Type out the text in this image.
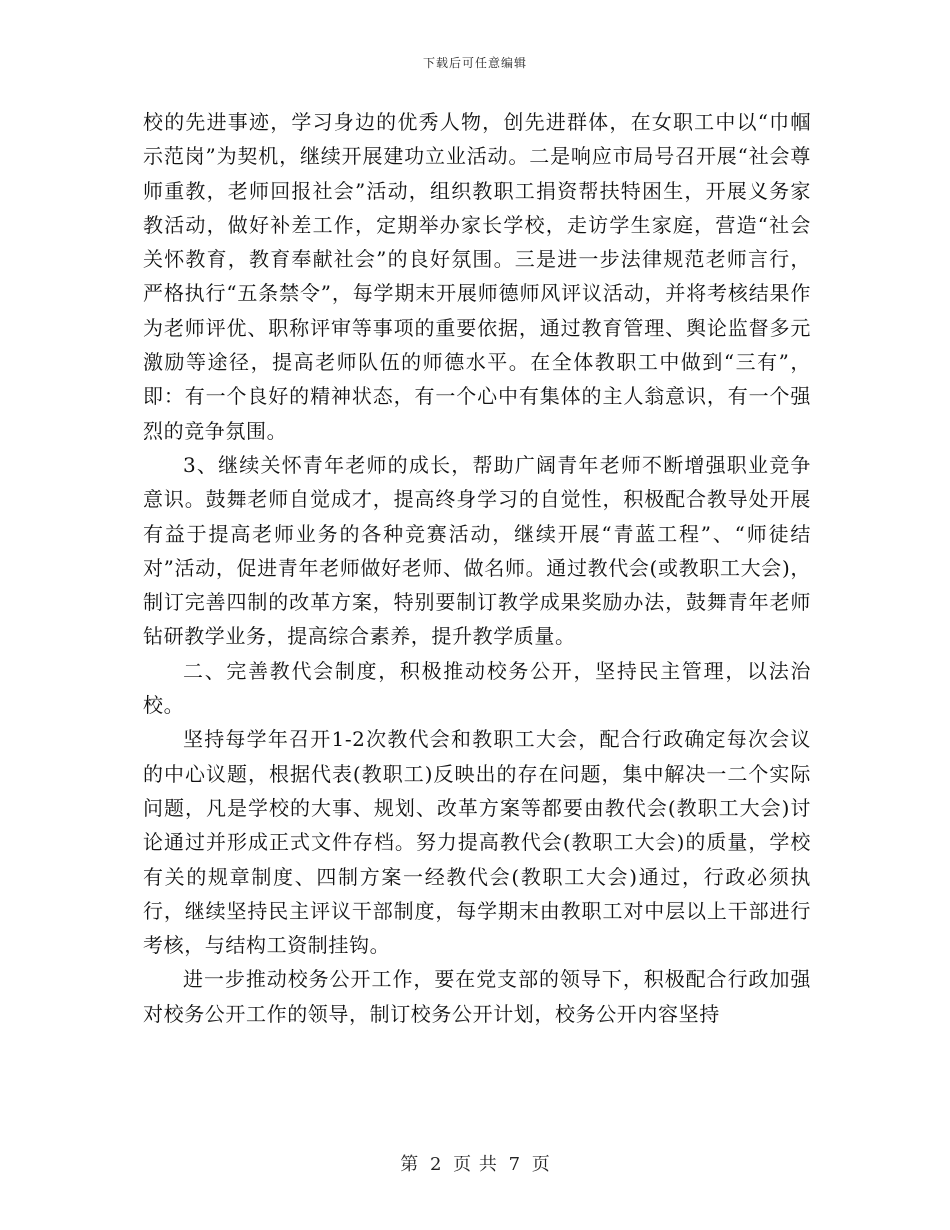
下载后可任意编辑

校的先进事迹，学习身边的优秀人物，创先进群体，在女职工中以“巾帼示范岗”为契机，继续开展建功立业活动。二是响应市局号召开展“社会尊师重教，老师回报社会”活动，组织教职工捐资帮扶特困生，开展义务家教活动，做好补差工作，定期举办家长学校，走访学生家庭，营造“社会关怀教育，教育奉献社会”的良好氛围。三是进一步法律规范老师言行，严格执行“五条禁令”，每学期末开展师德师风评议活动，并将考核结果作为老师评优、职称评审等事项的重要依据，通过教育管理、舆论监督多元激励等途径，提高老师队伍的师德水平。在全体教职工中做到“三有”，即：有一个良好的精神状态，有一个心中有集体的主人翁意识，有一个强烈的竞争氛围。

3、继续关怀青年老师的成长，帮助广阔青年老师不断增强职业竞争意识。鼓舞老师自觉成才，提高终身学习的自觉性，积极配合教导处开展有益于提高老师业务的各种竞赛活动，继续开展“青蓝工程”、“师徒结对”活动，促进青年老师做好老师、做名师。通过教代会(或教职工大会)，制订完善四制的改革方案，特别要制订教学成果奖励办法，鼓舞青年老师钻研教学业务，提高综合素养，提升教学质量。

二、完善教代会制度，积极推动校务公开，坚持民主管理，以法治校。

坚持每学年召开1-2次教代会和教职工大会，配合行政确定每次会议的中心议题，根据代表(教职工)反映出的存在问题，集中解决一二个实际问题，凡是学校的大事、规划、改革方案等都要由教代会(教职工大会)讨论通过并形成正式文件存档。努力提高教代会(教职工大会)的质量，学校有关的规章制度、四制方案一经教代会(教职工大会)通过，行政必须执行，继续坚持民主评议干部制度，每学期末由教职工对中层以上干部进行考核，与结构工资制挂钩。

进一步推动校务公开工作，要在党支部的领导下，积极配合行政加强对校务公开工作的领导，制订校务公开计划，校务公开内容坚持

第 2 页 共 7 页
